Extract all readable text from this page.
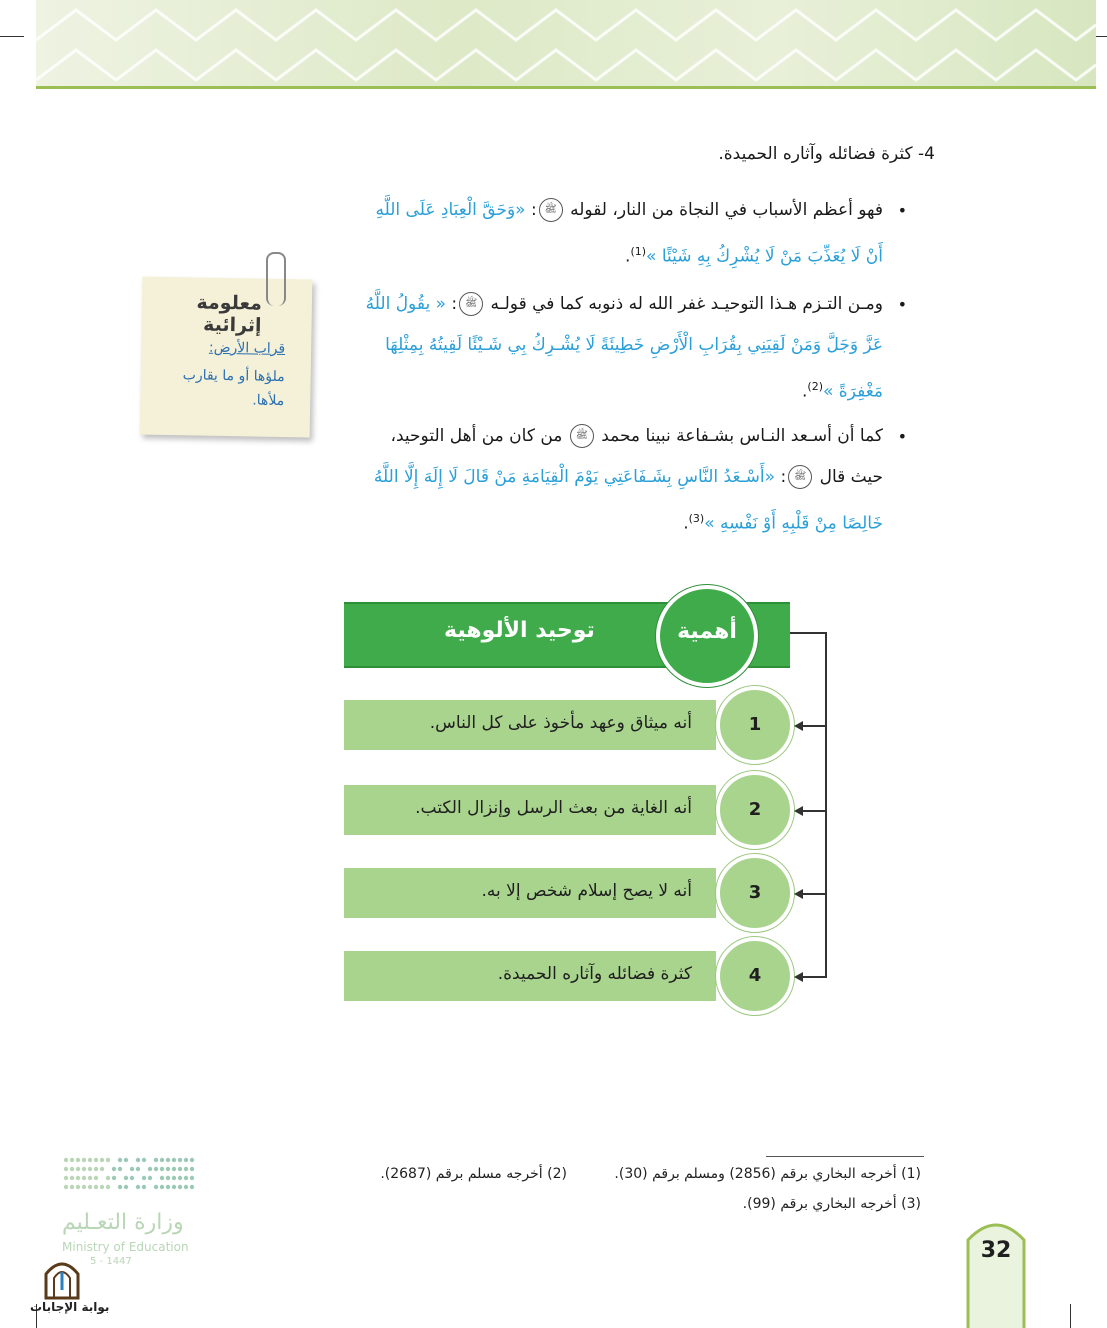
4- كثرة فضائله وآثاره الحميدة.
•
فهو أعظم الأسباب في النجاة من النار، لقوله ﷺ: «وَحَقَّ الْعِبَادِ عَلَى اللَّهِ
أَنْ لَا يُعَذِّبَ مَنْ لَا يُشْرِكُ بِهِ شَيْئًا »$^{(1)}$.
•
ومـن التـزم هـذا التوحيـد غفر الله له ذنوبه كما في قولـه ﷺ: « يقُولُ اللَّهُ
عَزَّ وَجَلَّ وَمَنْ لَقِيَنِي بِقُرَابِ الْأَرْضِ خَطِيئَةً لَا يُشْـرِكُ بِي شَـيْئًا لَقِيتُهُ بِمِثْلِهَا
مَغْفِرَةً »$^{(2)}$.
•
كما أن أسـعد النـاس بشـفاعة نبينا محمد ﷺ من كان من أهل التوحيد،
حيث قال ﷺ: «أَسْـعَدُ النَّاسِ بِشَـفَاعَتِي يَوْمَ الْقِيَامَةِ مَنْ قَالَ لَا إِلَهَ إِلَّا اللَّهُ
خَالِصًا مِنْ قَلْبِهِ أَوْ نَفْسِهِ »$^{(3)}$.
معلومة إثرائية
قراب الأرض:
ملؤها أو ما يقارب ملأها.
توحيد الألوهية	أهمية
أنه ميثاق وعهد مأخوذ على كل الناس.	1
أنه الغاية من بعث الرسل وإنزال الكتب.	2
أنه لا يصح إسلام شخص إلا به.	3
كثرة فضائله وآثاره الحميدة.	4
(1) أخرجه البخاري برقم (2856) ومسلم برقم (30).
(2) أخرجه مسلم برقم (2687).
(3) أخرجه البخاري برقم (99).
وزارة التعـليم
Ministry of Education
5 - 1447
بوابة الإجابات
32
